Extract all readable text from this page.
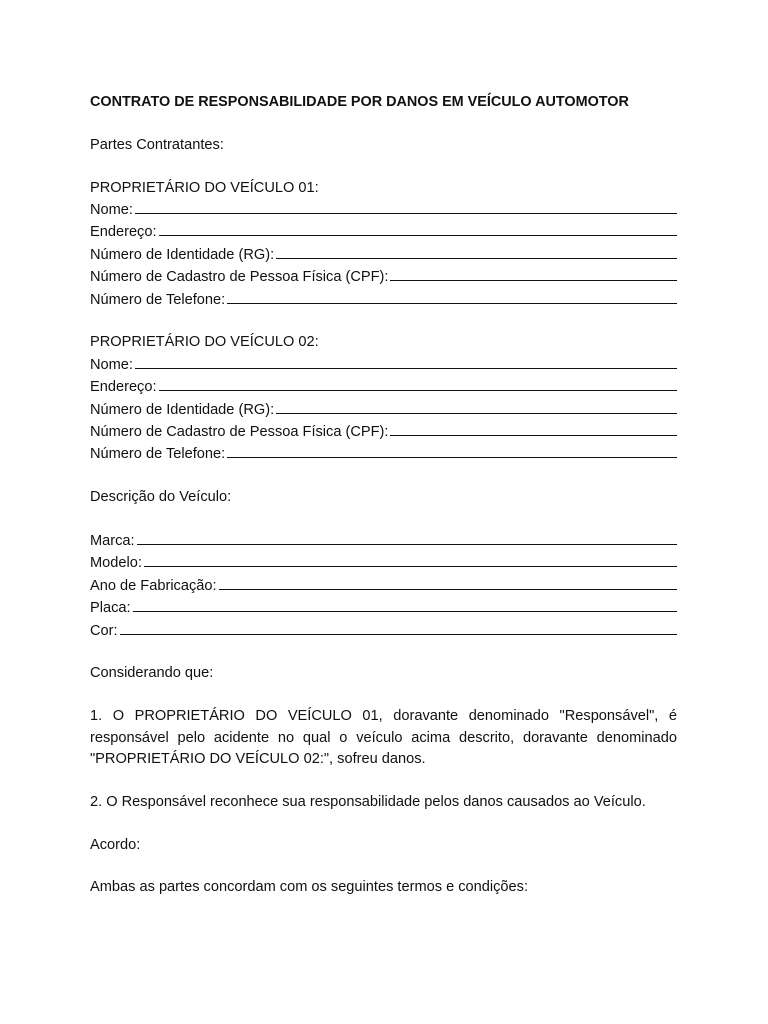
CONTRATO DE RESPONSABILIDADE POR DANOS EM VEÍCULO AUTOMOTOR

Partes Contratantes:

PROPRIETÁRIO DO VEÍCULO 01:

Nome:
Endereço:
Número de Identidade (RG):
Número de Cadastro de Pessoa Física (CPF):
Número de Telefone:

PROPRIETÁRIO DO VEÍCULO 02:

Nome:
Endereço:
Número de Identidade (RG):
Número de Cadastro de Pessoa Física (CPF):
Número de Telefone:

Descrição do Veículo:

Marca:
Modelo:
Ano de Fabricação:
Placa:
Cor:

Considerando que:

1. O PROPRIETÁRIO DO VEÍCULO 01, doravante denominado "Responsável", é responsável pelo acidente no qual o veículo acima descrito, doravante denominado "PROPRIETÁRIO DO VEÍCULO 02:", sofreu danos.

2. O Responsável reconhece sua responsabilidade pelos danos causados ao Veículo.

Acordo:

Ambas as partes concordam com os seguintes termos e condições:
